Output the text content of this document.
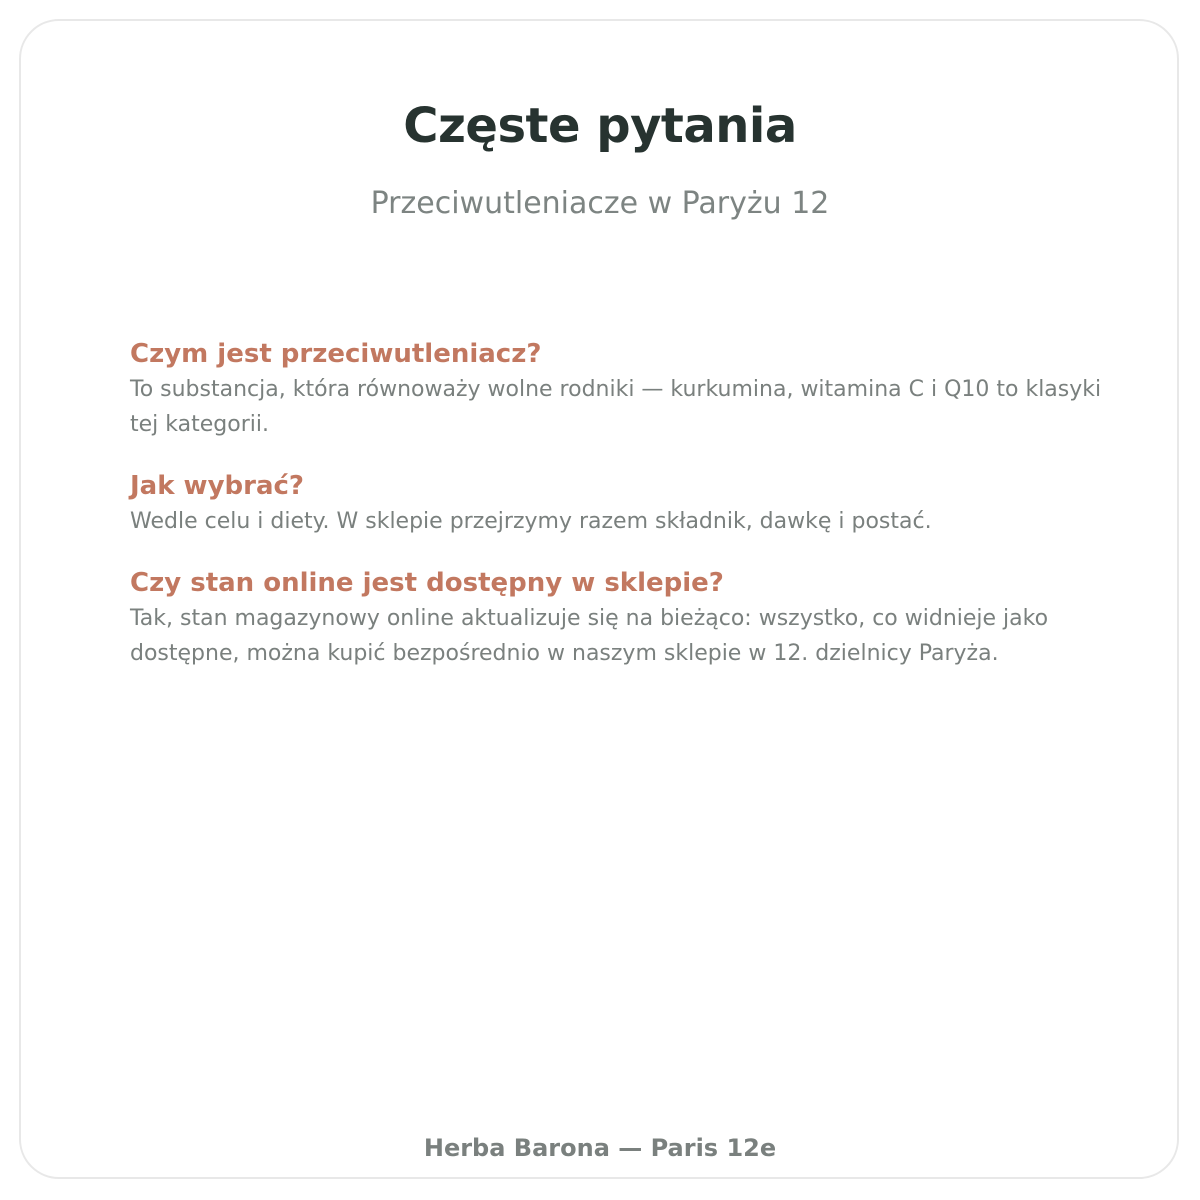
Częste pytania
Przeciwutleniacze w Paryżu 12
Czym jest przeciwutleniacz?

To substancja, która równoważy wolne rodniki — kurkumina, witamina C i Q10 to klasyki tej kategorii.

Jak wybrać?

Wedle celu i diety. W sklepie przejrzymy razem składnik, dawkę i postać.

Czy stan online jest dostępny w sklepie?

Tak, stan magazynowy online aktualizuje się na bieżąco: wszystko, co widnieje jako dostępne, można kupić bezpośrednio w naszym sklepie w 12. dzielnicy Paryża.

Herba Barona — Paris 12e
